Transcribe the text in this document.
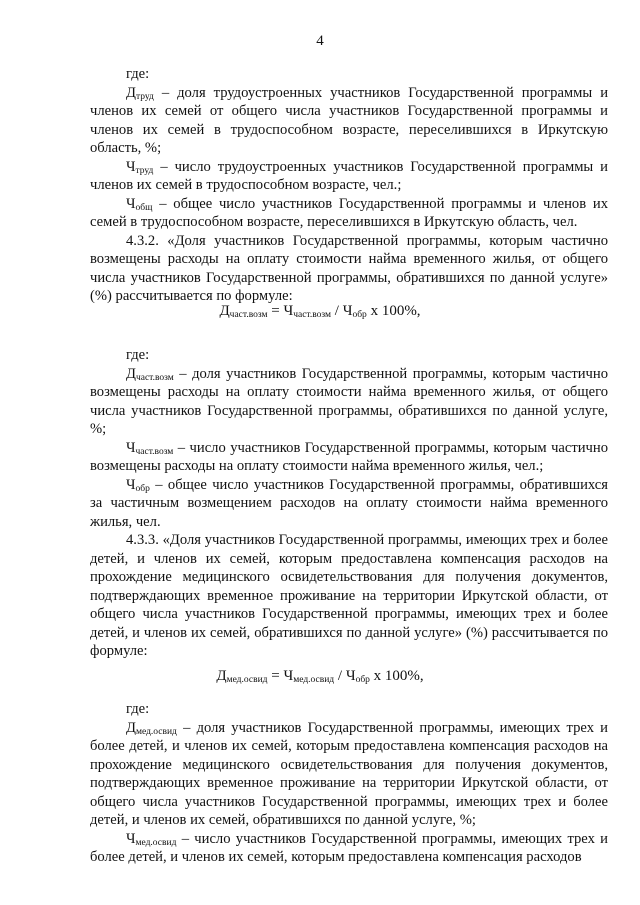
4

где:

$Д_{труд}$ – доля трудоустроенных участников Государственной программы и членов их семей от общего числа участников Государственной программы и членов их семей в трудоспособном возрасте, переселившихся в Иркутскую область, %;

$Ч_{труд}$ – число трудоустроенных участников Государственной программы и членов их семей в трудоспособном возрасте, чел.;

$Ч_{общ}$ – общее число участников Государственной программы и членов их семей в трудоспособном возрасте, переселившихся в Иркутскую область, чел.

4.3.2. «Доля участников Государственной программы, которым частично возмещены расходы на оплату стоимости найма временного жилья, от общего числа участников Государственной программы, обратившихся по данной услуге» (%) рассчитывается по формуле:

$Д_{част.возм} = Ч_{част.возм} / Ч_{обр}$ х 100%,

где:

$Д_{част.возм}$ – доля участников Государственной программы, которым частично возмещены расходы на оплату стоимости найма временного жилья, от общего числа участников Государственной программы, обратившихся по данной услуге, %;

$Ч_{част.возм}$ – число участников Государственной программы, которым частично возмещены расходы на оплату стоимости найма временного жилья, чел.;

$Ч_{обр}$ – общее число участников Государственной программы, обратившихся за частичным возмещением расходов на оплату стоимости найма временного жилья, чел.

4.3.3. «Доля участников Государственной программы, имеющих трех и более детей, и членов их семей, которым предоставлена компенсация расходов на прохождение медицинского освидетельствования для получения документов, подтверждающих временное проживание на территории Иркутской области, от общего числа участников Государственной программы, имеющих трех и более детей, и членов их семей, обратившихся по данной услуге» (%) рассчитывается по формуле:

$Д_{мед.освид} = Ч_{мед.освид} / Ч_{обр}$ х 100%,

где:

$Д_{мед.освид}$ – доля участников Государственной программы, имеющих трех и более детей, и членов их семей, которым предоставлена компенсация расходов на прохождение медицинского освидетельствования для получения документов, подтверждающих временное проживание на территории Иркутской области, от общего числа участников Государственной программы, имеющих трех и более детей, и членов их семей, обратившихся по данной услуге, %;

$Ч_{мед.освид}$ – число участников Государственной программы, имеющих трех и более детей, и членов их семей, которым предоставлена компенсация расходов
